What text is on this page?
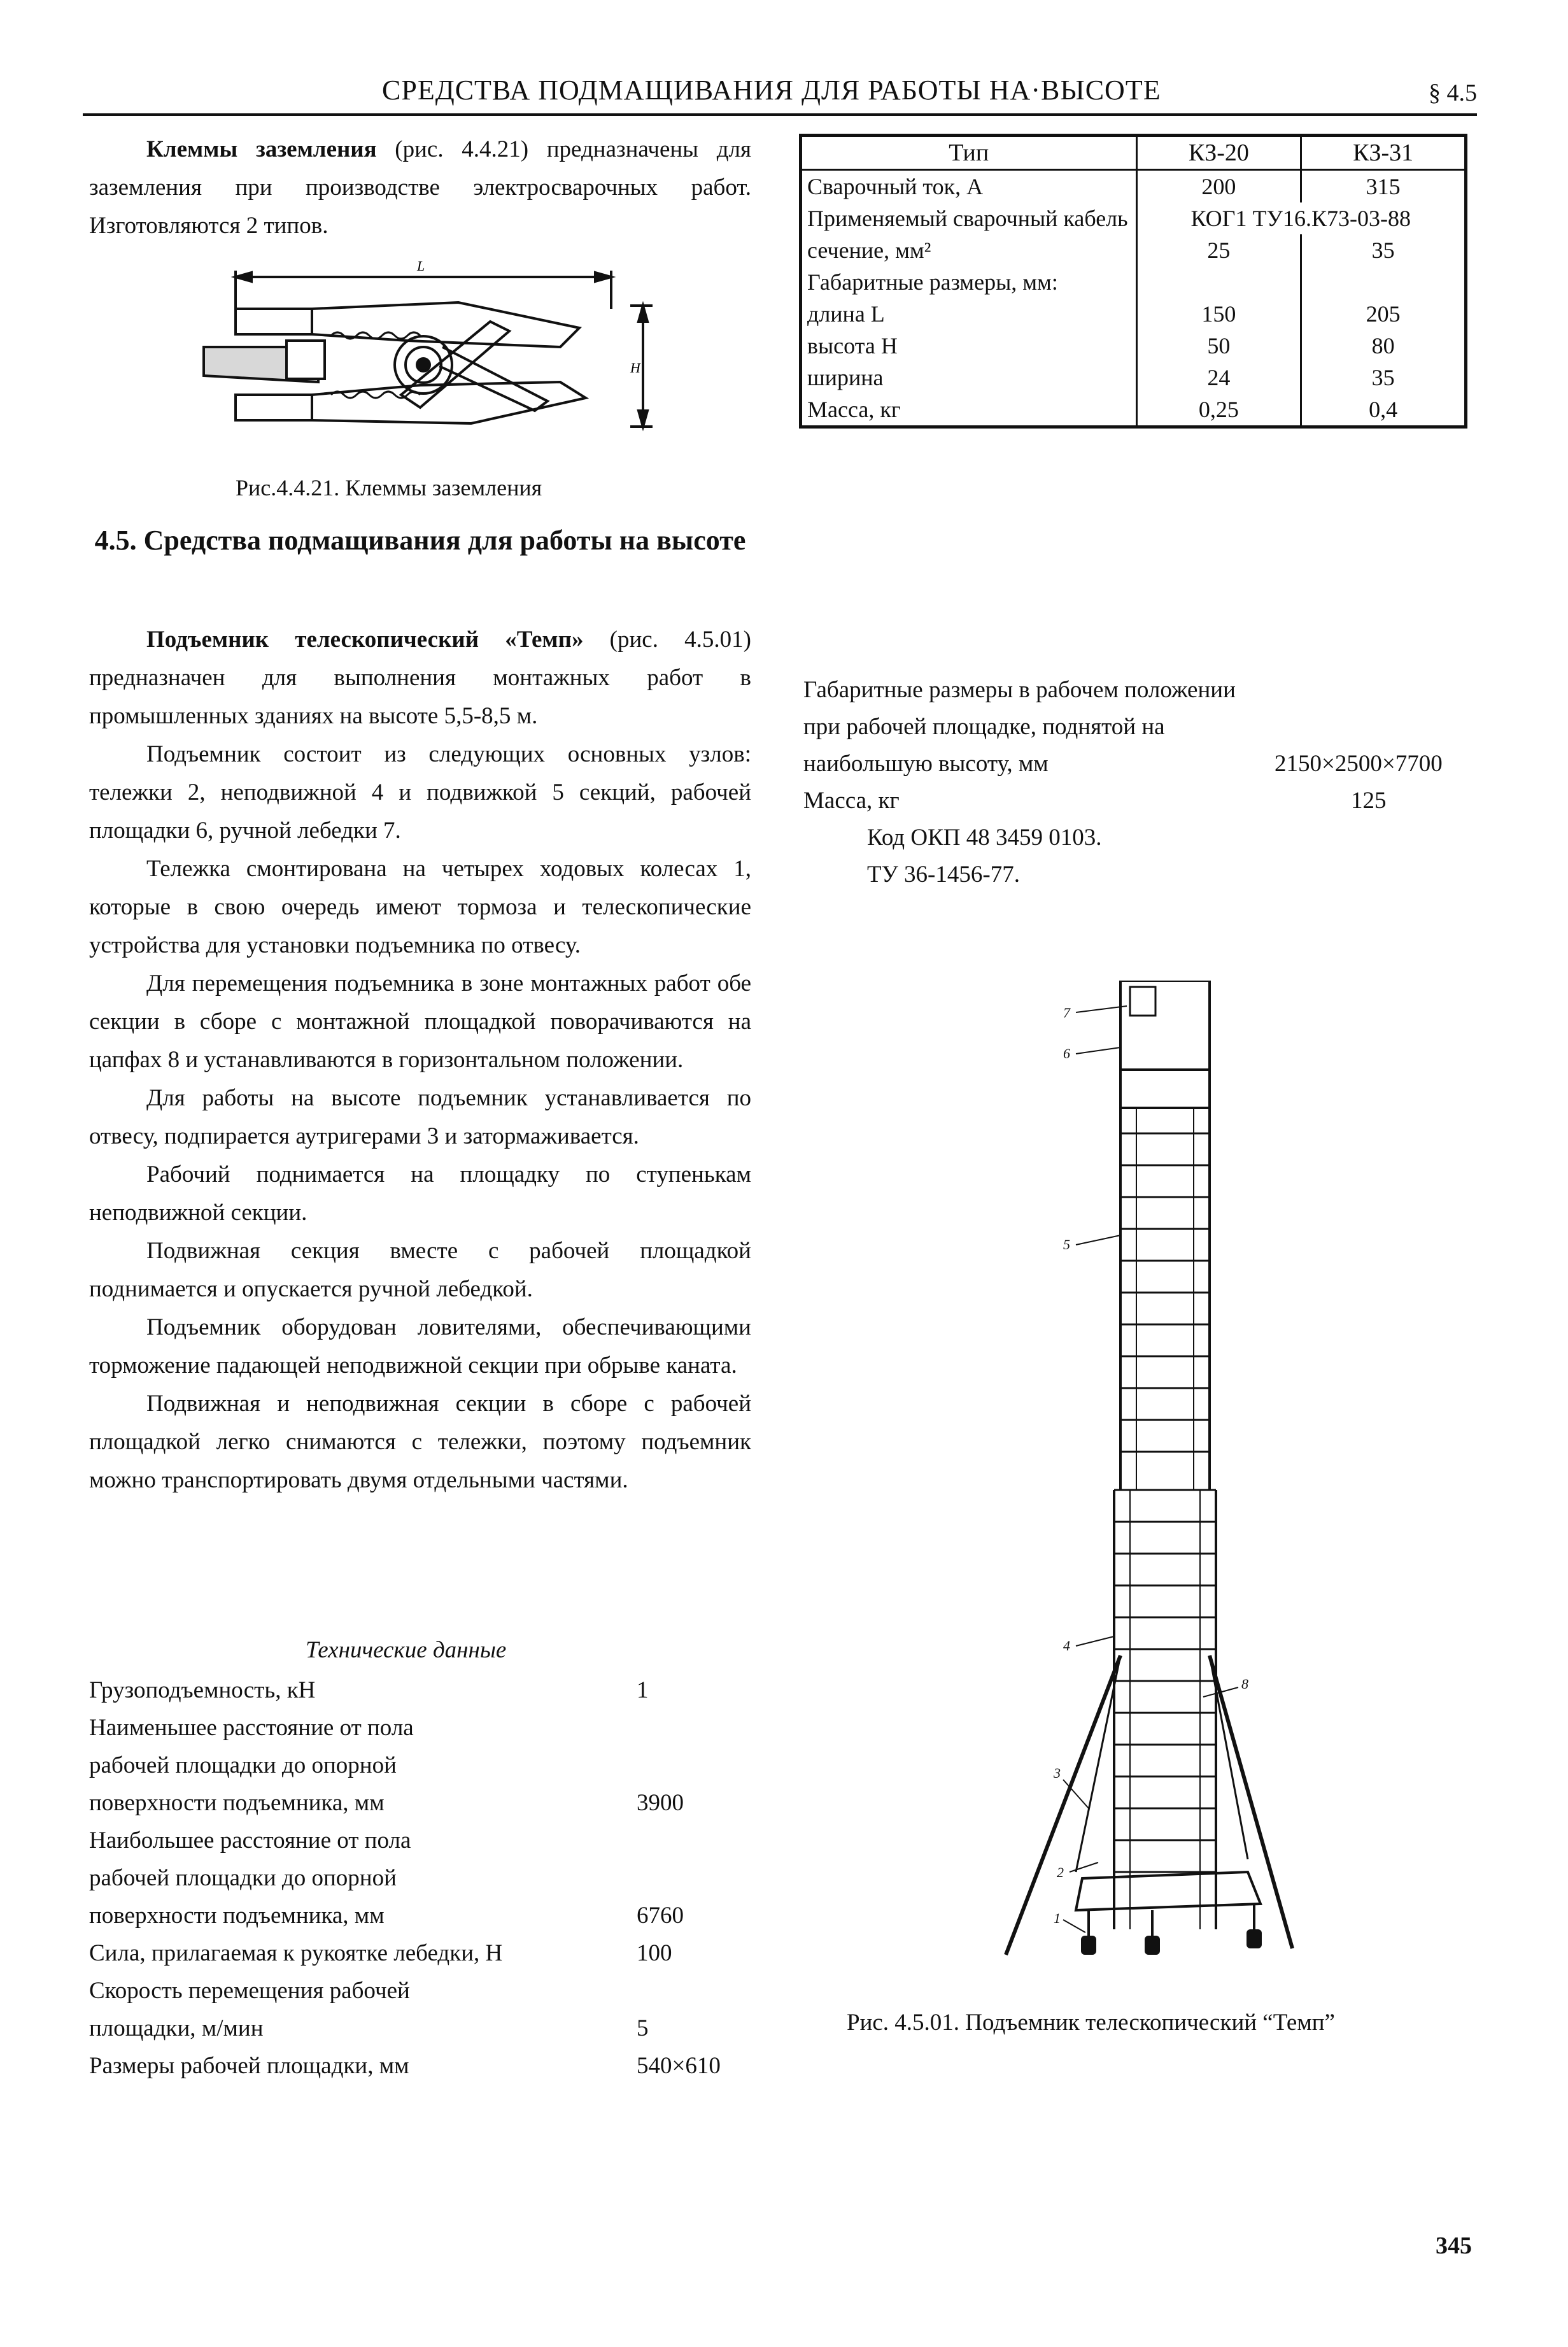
СРЕДСТВА ПОДМАЩИВАНИЯ ДЛЯ РАБОТЫ НА·ВЫСОТЕ	§ 4.5

Клеммы заземления (рис. 4.4.21) предназначены для заземления при производстве электросварочных работ. Изготовляются 2 типов.

L
H
Рис.4.4.21. Клеммы заземления
Тип	КЗ-20	КЗ-31
Сварочный ток, А	200	315
Применяемый сварочный кабель	КОГ1 ТУ16.К73-03-88	
сечение, мм²	25	35
Габаритные размеры, мм:		
длина L	150	205
высота H	50	80
ширина	24	35
Масса, кг	0,25	0,4
4.5. Средства подмащивания для работы на высоте

Подъемник телескопический «Темп» (рис. 4.5.01) предназначен для выполнения монтажных работ в промышленных зданиях на высоте 5,5-8,5 м.

Подъемник состоит из следующих основных узлов: тележки 2, неподвижной 4 и подвижкой 5 секций, рабочей площадки 6, ручной лебедки 7.

Тележка смонтирована на четырех ходовых колесах 1, которые в свою очередь имеют тормоза и телескопические устройства для установки подъемника по отвесу.

Для перемещения подъемника в зоне монтажных работ обе секции в сборе с монтажной площадкой поворачиваются на цапфах 8 и устанавливаются в горизонтальном положении.

Для работы на высоте подъемник устанавливается по отвесу, подпирается аутригерами 3 и затормаживается.

Рабочий поднимается на площадку по ступенькам неподвижной секции.

Подвижная секция вместе с рабочей площадкой поднимается и опускается ручной лебедкой.

Подъемник оборудован ловителями, обеспечивающими торможение падающей неподвижной секции при обрыве каната.

Подвижная и неподвижная секции в сборе с рабочей площадкой легко снимаются с тележки, поэтому подъемник можно транспортировать двумя отдельными частями.

Технические данные
Грузоподъемность, кН	1
Наименьшее расстояние от пола
рабочей площадки до опорной
поверхности подъемника, мм	3900
Наибольшее расстояние от пола
рабочей площадки до опорной
поверхности подъемника, мм	6760
Сила, прилагаемая к рукоятке лебедки, Н	100
Скорость перемещения рабочей
площадки, м/мин	5
Размеры рабочей площадки, мм	540×610
Габаритные размеры в рабочем положении
при рабочей площадке, поднятой на
наибольшую высоту, мм	2150×2500×7700
Масса, кг	125
Код ОКП 48 3459 0103.
ТУ 36-1456-77.
7
6
5
4
8
3
2
1
Рис. 4.5.01. Подъемник телескопический “Темп”
345
